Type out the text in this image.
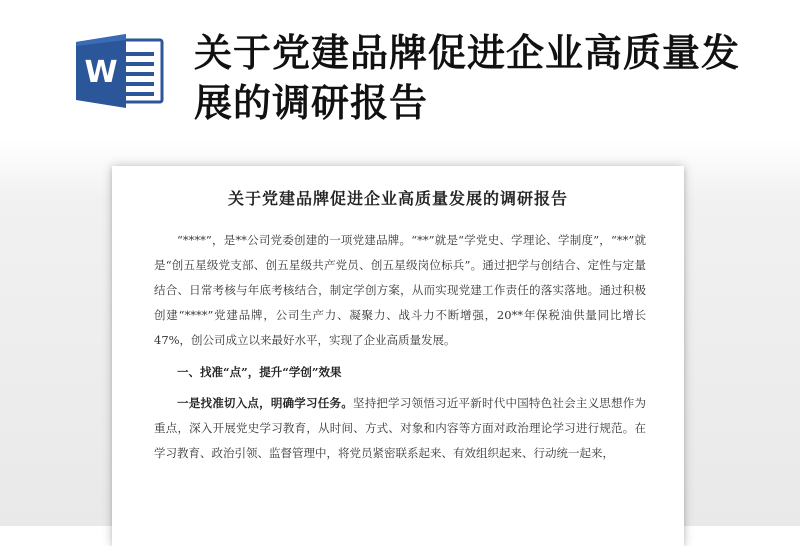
W 关于党建品牌促进企业高质量发展的调研报告
关于党建品牌促进企业高质量发展的调研报告

“****”，是**公司党委创建的一项党建品牌。“**”就是“学党史、学理论、学制度”，“**”就是“创五星级党支部、创五星级共产党员、创五星级岗位标兵”。通过把学与创结合、定性与定量结合、日常考核与年底考核结合，制定学创方案，从而实现党建工作责任的落实落地。通过积极创建“****”党建品牌，公司生产力、凝聚力、战斗力不断增强，20**年保税油供量同比增长47%，创公司成立以来最好水平，实现了企业高质量发展。

一、找准“点”，提升“学创”效果

一是找准切入点，明确学习任务。坚持把学习领悟习近平新时代中国特色社会主义思想作为重点，深入开展党史学习教育，从时间、方式、对象和内容等方面对政治理论学习进行规范。在学习教育、政治引领、监督管理中，将党员紧密联系起来、有效组织起来、行动统一起来，
